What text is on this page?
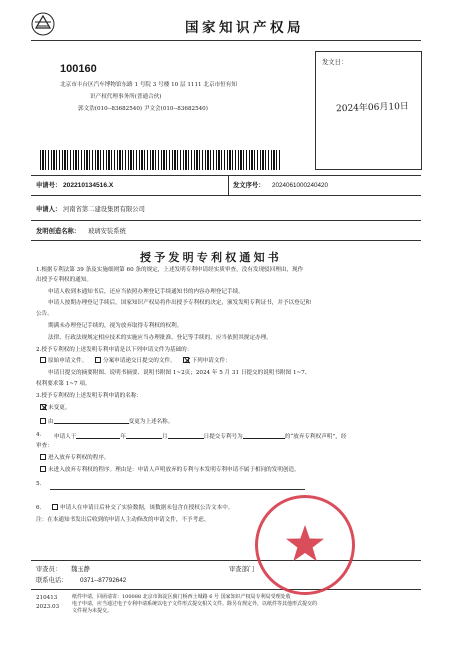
国家知识产权局
100160
北京市丰台区汽车博物馆东路 1 号院 3 号楼 10 层 1111 北京市恒有知
识产权代理事务所(普通合伙)
郭文浩(010--83682540) 尹文会(010--83682540)
发文日：
2024年06月10日
申请号： 202210134516.X	发文序号： 2024061000240420
申请人： 河南省第二建设集团有限公司
发明创造名称： 玻璃安装系统
授予发明专利权通知书
1.根据专利法第 39 条及实施细则第 60 条的规定，上述发明专利申请经实质审查，没有发现驳回理由，现作
出授予专利权的通知。
申请人收到本通知书后，还应当依照办理登记手续通知书的内容办理登记手续。
申请人按期办理登记手续后，国家知识产权局将作出授予专利权的决定，颁发发明专利证书，并予以登记和
公告。
期满未办理登记手续的，视为放弃取得专利权的权利。
法律、行政法规规定相应技术的实施应当办理批准、登记等手续的，应当依照其规定办理。
2.授予专利权的上述发明专利申请是以下列申请文件为基础的：
原始申请文件。	分案申请递交日提交的文件。	下列申请文件：
申请日提交的摘要附图、说明书摘要、说明书附图 1~2页；2024 年 5 月 31 日提交的说明书附图 1~7、
权利要求第 1~7 项。
3.授予专利权的上述发明专利申请的名称：
未变更。
由	变更为上述名称。
4. 申请人于	年	月	日提交专利号为	的“放弃专利权声明”，经
审查：
进入放弃专利权的程序。
未进入放弃专利权的程序。理由是：申请人声明放弃的专利与本发明专利申请不属于相同的发明创造。
5.
6.	申请人在申请日后补交了实验数据，该数据未包含在授权公告文本中。
注：在本通知书发出后收到的申请人主动修改的申请文件，不予考虑。
审查员： 魏玉静	审查部门
联系电话： 0371--87792642
210413
2023.03
纸件申请，回函请寄：100088 北京市海淀区蓟门桥西土城路 6 号 国家知识产权局专利局受理处收
电子申请，应当通过电子专利申请系统以电子文件形式提交相关文件。除另有规定外，以纸件等其他形式提交的
文件视为未提交。
